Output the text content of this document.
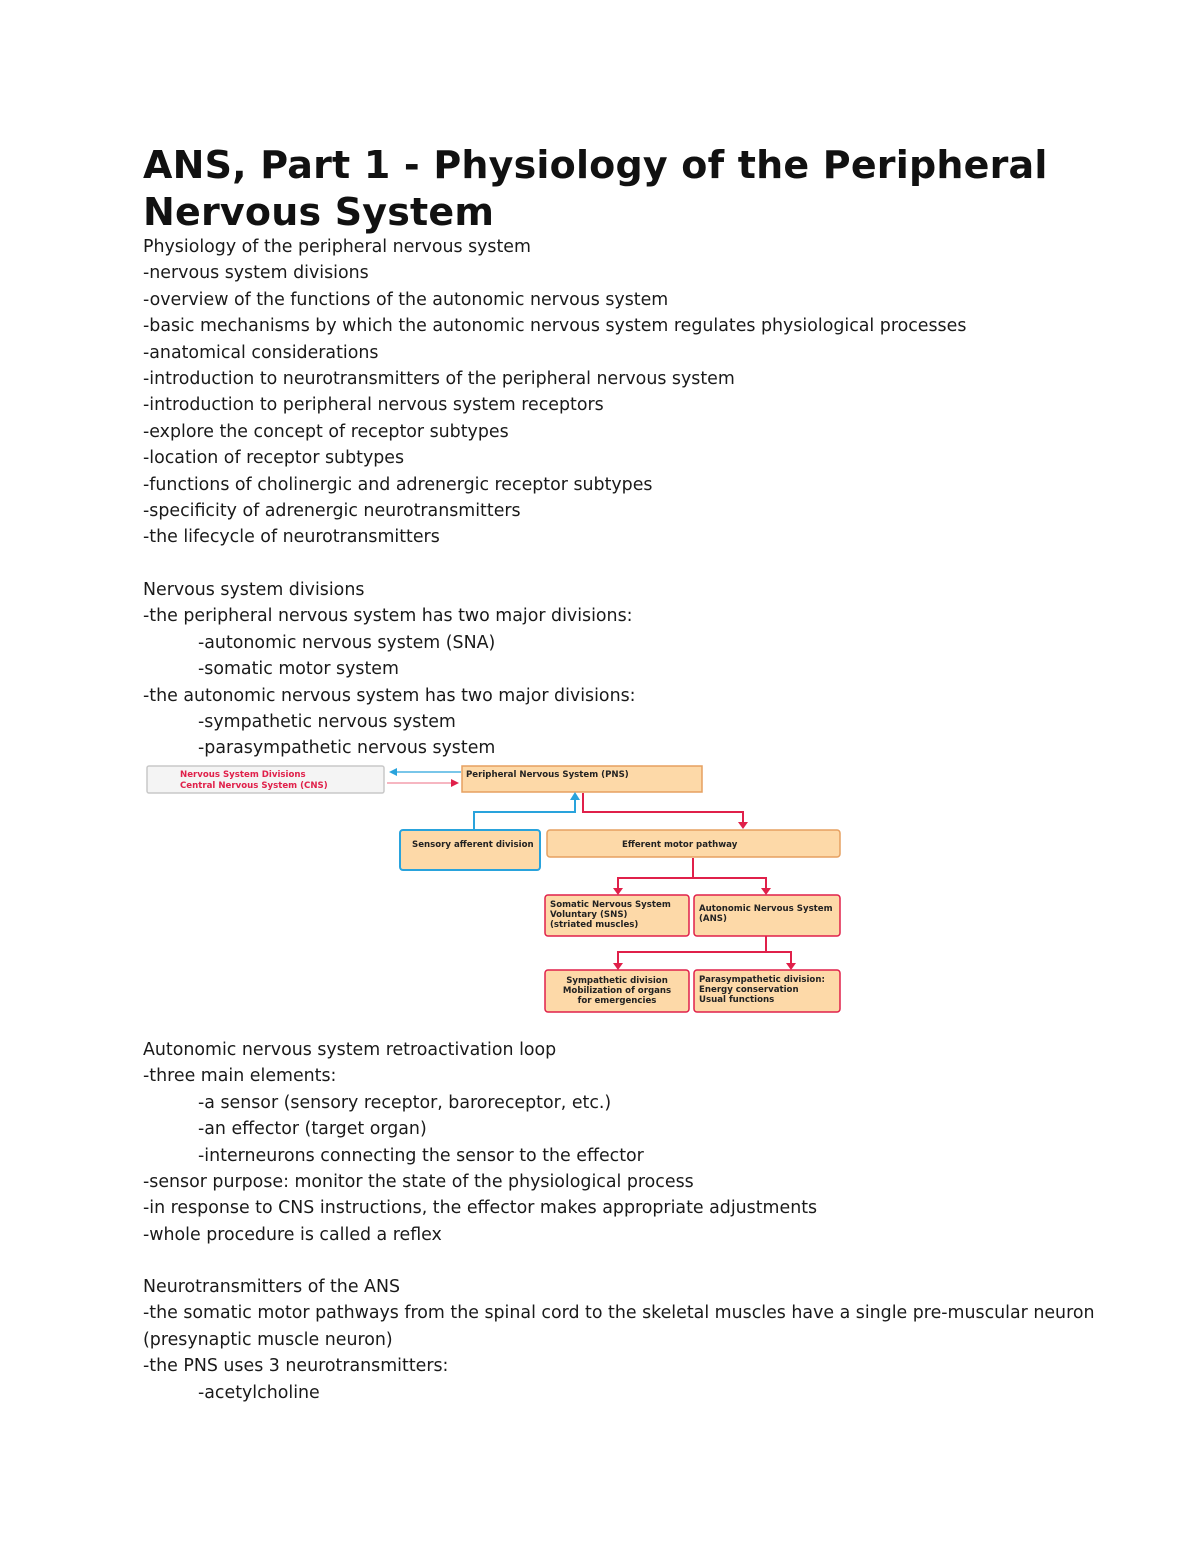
ANS, Part 1 - Physiology of the Peripheral Nervous System
Physiology of the peripheral nervous system
-nervous system divisions
-overview of the functions of the autonomic nervous system
-basic mechanisms by which the autonomic nervous system regulates physiological processes
-anatomical considerations
-introduction to neurotransmitters of the peripheral nervous system
-introduction to peripheral nervous system receptors
-explore the concept of receptor subtypes
-location of receptor subtypes
-functions of cholinergic and adrenergic receptor subtypes
-specificity of adrenergic neurotransmitters
-the lifecycle of neurotransmitters
Nervous system divisions
-the peripheral nervous system has two major divisions:
-autonomic nervous system (SNA)
-somatic motor system
-the autonomic nervous system has two major divisions:
-sympathetic nervous system
-parasympathetic nervous system
Nervous System Divisions
Central Nervous System (CNS)
Peripheral Nervous System (PNS)
Sensory afferent division	Efferent motor pathway
Somatic Nervous System
Voluntary (SNS)
(striated muscles)
Autonomic Nervous System
(ANS)
Sympathetic division
Mobilization of organs
for emergencies
Parasympathetic division:
Energy conservation
Usual functions
Autonomic nervous system retroactivation loop
-three main elements:
-a sensor (sensory receptor, baroreceptor, etc.)
-an effector (target organ)
-interneurons connecting the sensor to the effector
-sensor purpose: monitor the state of the physiological process
-in response to CNS instructions, the effector makes appropriate adjustments
-whole procedure is called a reflex
Neurotransmitters of the ANS
-the somatic motor pathways from the spinal cord to the skeletal muscles have a single pre-muscular neuron (presynaptic muscle neuron)
-the PNS uses 3 neurotransmitters:
-acetylcholine
